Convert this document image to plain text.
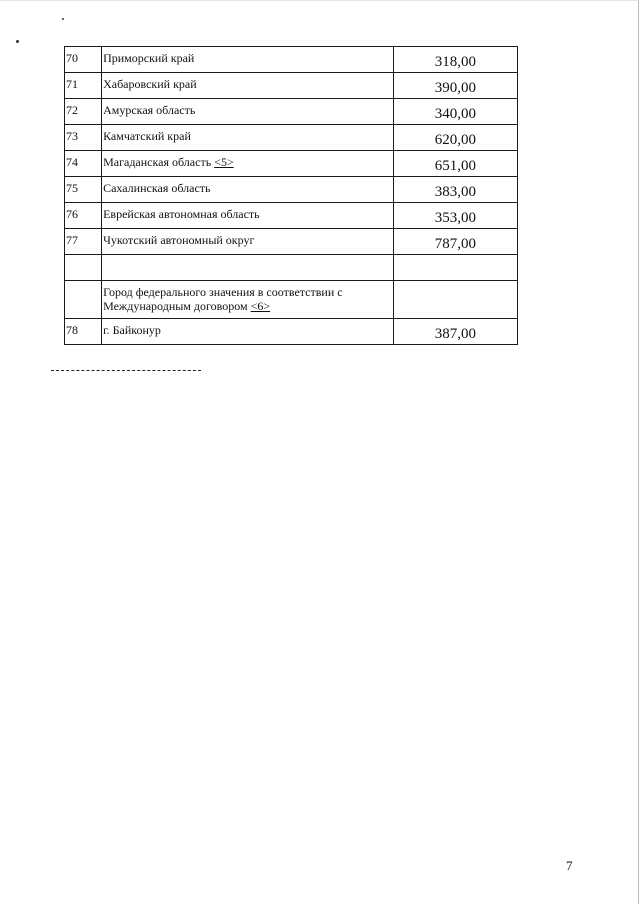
70	Приморский край	318,00
71	Хабаровский край	390,00
72	Амурская область	340,00
73	Камчатский край	620,00
74	Магаданская область <5>	651,00
75	Сахалинская область	383,00
76	Еврейская автономная область	353,00
77	Чукотский автономный округ	787,00

	Город федерального значения в соответствии с Международным договором <6>	
78	г. Байконур	387,00
7
